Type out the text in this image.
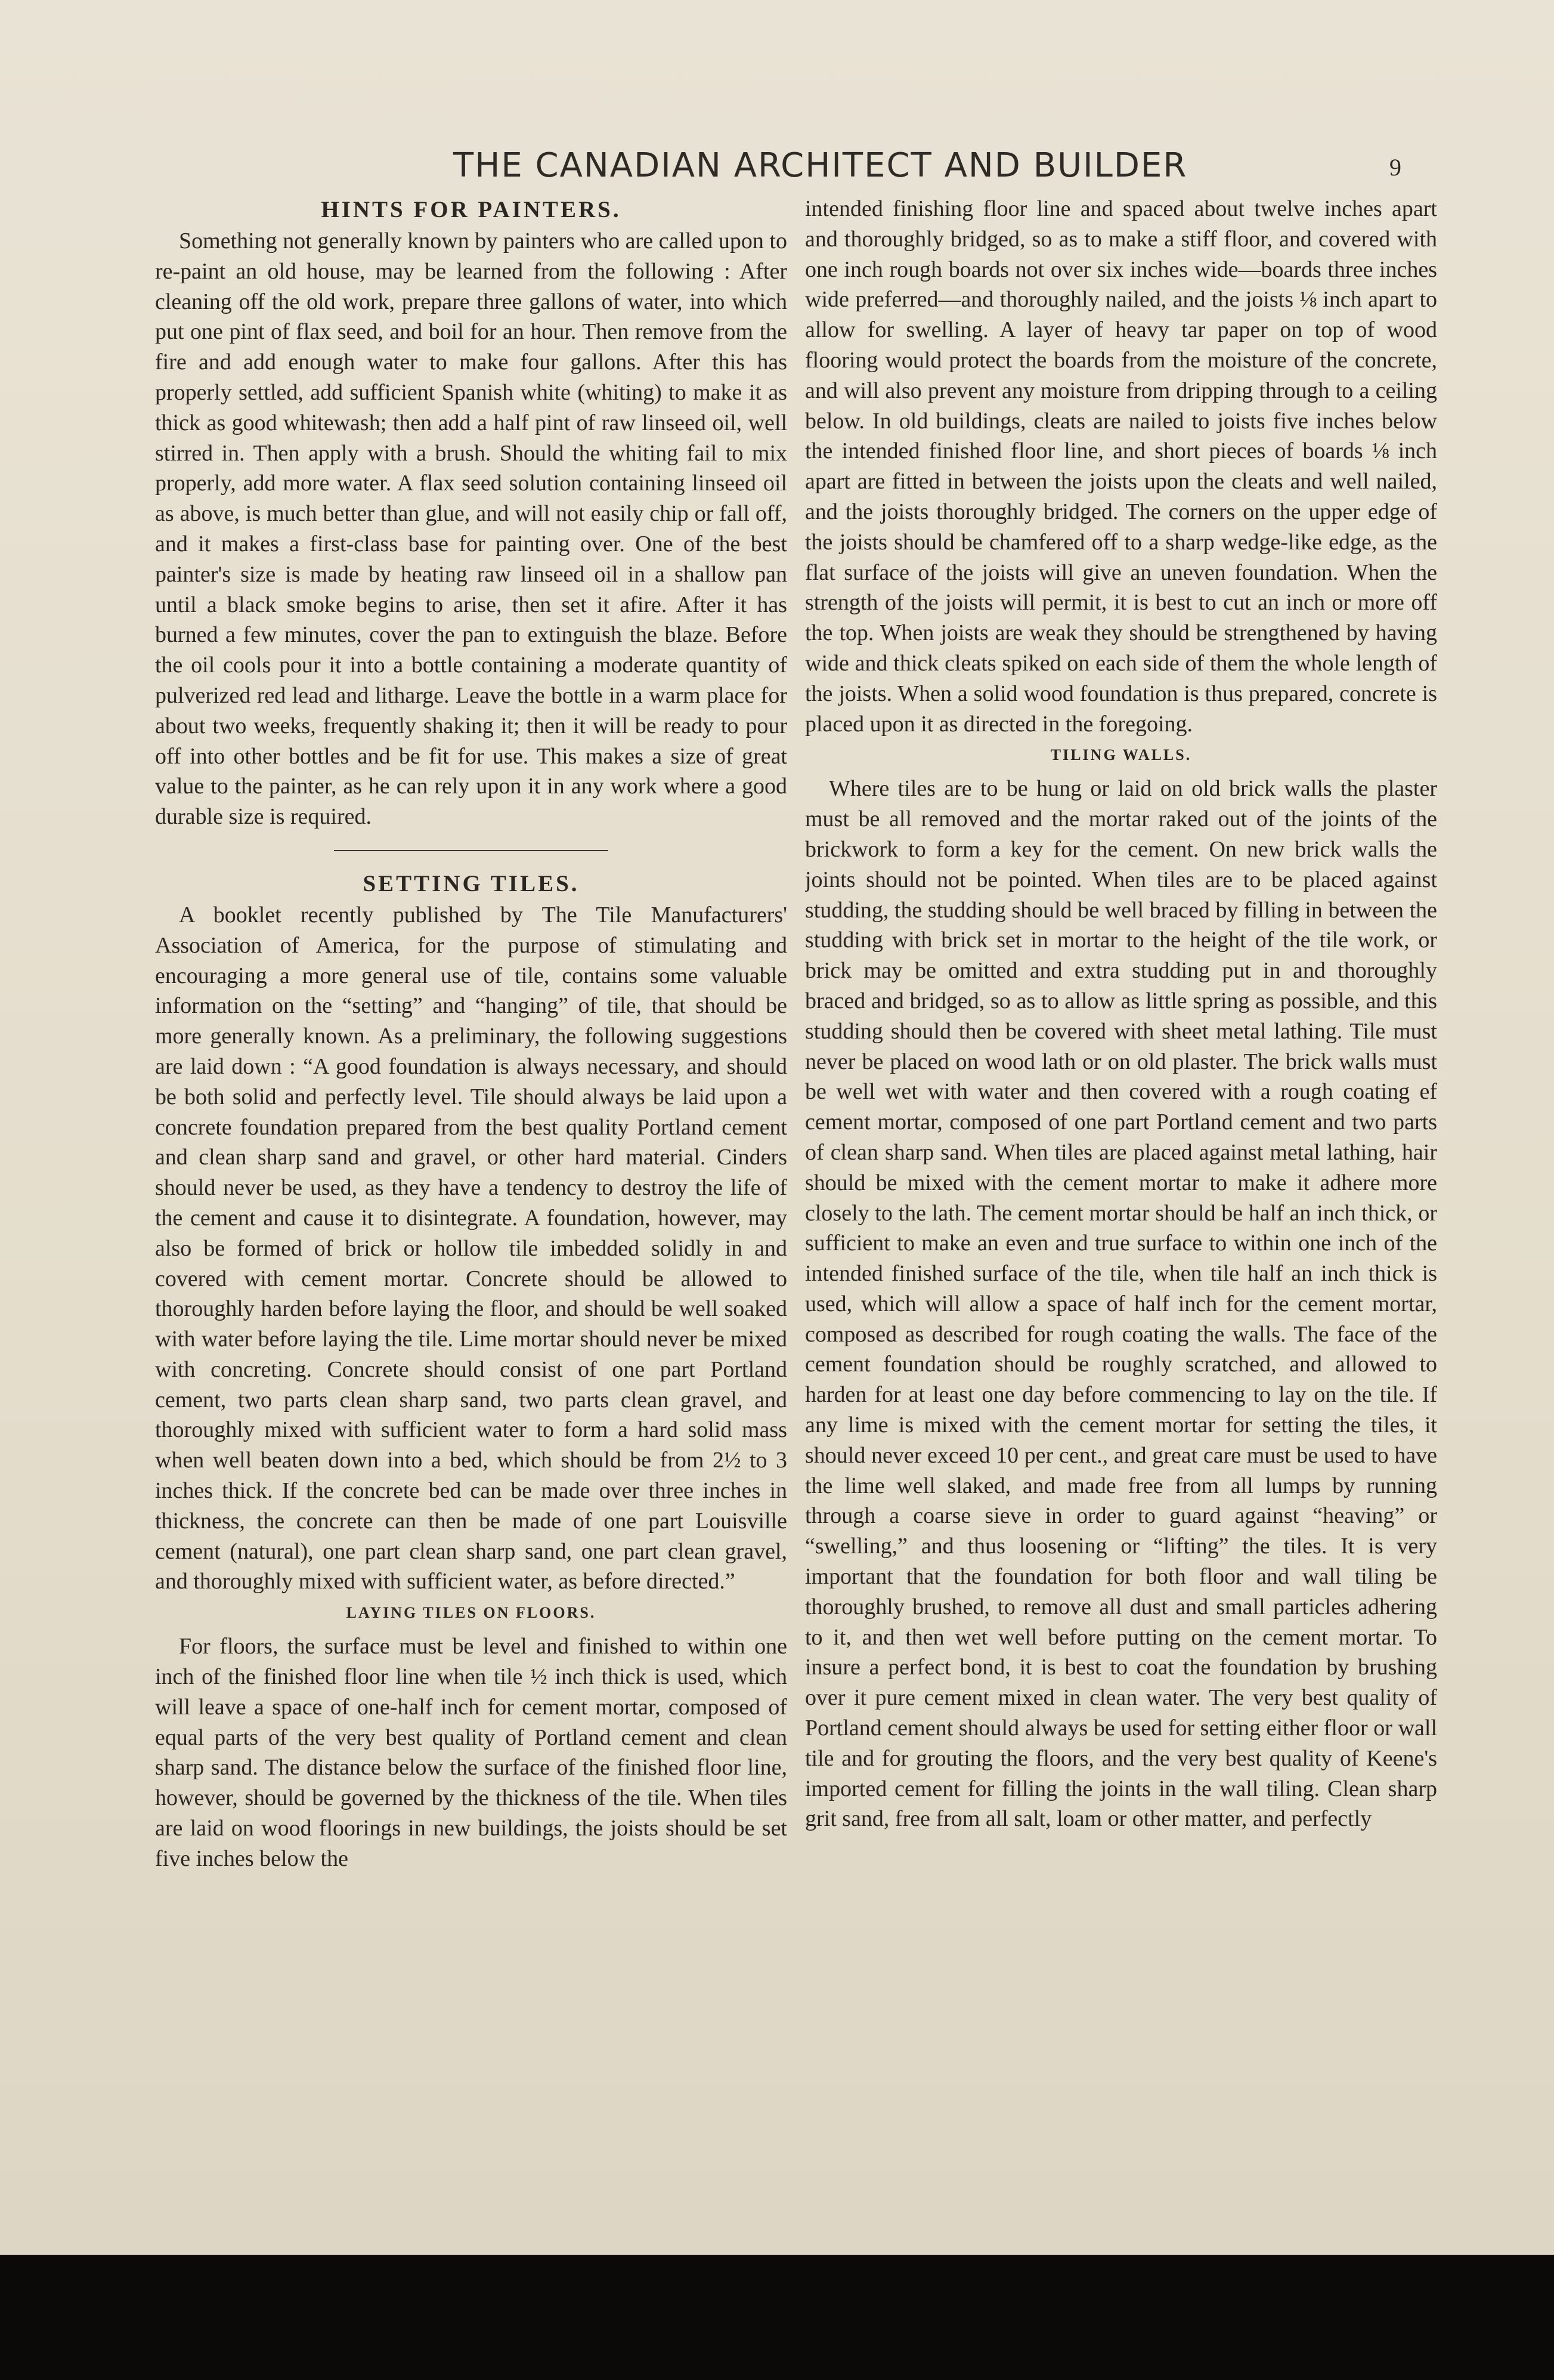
THE CANADIAN ARCHITECT AND BUILDER	9
HINTS FOR PAINTERS.

Something not generally known by painters who are called upon to re-paint an old house, may be learned from the following : After cleaning off the old work, prepare three gallons of water, into which put one pint of flax seed, and boil for an hour. Then remove from the fire and add enough water to make four gallons. After this has properly settled, add sufficient Spanish white (whiting) to make it as thick as good whitewash; then add a half pint of raw linseed oil, well stirred in. Then apply with a brush. Should the whiting fail to mix properly, add more water. A flax seed solution containing linseed oil as above, is much better than glue, and will not easily chip or fall off, and it makes a first-class base for painting over. One of the best painter's size is made by heating raw linseed oil in a shallow pan until a black smoke begins to arise, then set it afire. After it has burned a few minutes, cover the pan to extinguish the blaze. Before the oil cools pour it into a bottle containing a moderate quantity of pulverized red lead and litharge. Leave the bottle in a warm place for about two weeks, frequently shaking it; then it will be ready to pour off into other bottles and be fit for use. This makes a size of great value to the painter, as he can rely upon it in any work where a good durable size is required.

SETTING TILES.

A booklet recently published by The Tile Manufacturers' Association of America, for the purpose of stimulating and encouraging a more general use of tile, contains some valuable information on the “setting” and “hanging” of tile, that should be more generally known. As a preliminary, the following suggestions are laid down : “A good foundation is always necessary, and should be both solid and perfectly level. Tile should always be laid upon a concrete foundation prepared from the best quality Portland cement and clean sharp sand and gravel, or other hard material. Cinders should never be used, as they have a tendency to destroy the life of the cement and cause it to disintegrate. A foundation, however, may also be formed of brick or hollow tile imbedded solidly in and covered with cement mortar. Concrete should be allowed to thoroughly harden before laying the floor, and should be well soaked with water before laying the tile. Lime mortar should never be mixed with concreting. Concrete should consist of one part Portland cement, two parts clean sharp sand, two parts clean gravel, and thoroughly mixed with sufficient water to form a hard solid mass when well beaten down into a bed, which should be from 2½ to 3 inches thick. If the concrete bed can be made over three inches in thickness, the concrete can then be made of one part Louisville cement (natural), one part clean sharp sand, one part clean gravel, and thoroughly mixed with sufficient water, as before directed.”

LAYING TILES ON FLOORS.

For floors, the surface must be level and finished to within one inch of the finished floor line when tile ½ inch thick is used, which will leave a space of one-half inch for cement mortar, composed of equal parts of the very best quality of Portland cement and clean sharp sand. The distance below the surface of the finished floor line, however, should be governed by the thickness of the tile. When tiles are laid on wood floorings in new buildings, the joists should be set five inches below the

intended finishing floor line and spaced about twelve inches apart and thoroughly bridged, so as to make a stiff floor, and covered with one inch rough boards not over six inches wide—boards three inches wide preferred—and thoroughly nailed, and the joists ⅛ inch apart to allow for swelling. A layer of heavy tar paper on top of wood flooring would protect the boards from the moisture of the concrete, and will also prevent any moisture from dripping through to a ceiling below. In old buildings, cleats are nailed to joists five inches below the intended finished floor line, and short pieces of boards ⅛ inch apart are fitted in between the joists upon the cleats and well nailed, and the joists thoroughly bridged. The corners on the upper edge of the joists should be chamfered off to a sharp wedge-like edge, as the flat surface of the joists will give an uneven foundation. When the strength of the joists will permit, it is best to cut an inch or more off the top. When joists are weak they should be strengthened by having wide and thick cleats spiked on each side of them the whole length of the joists. When a solid wood foundation is thus prepared, concrete is placed upon it as directed in the foregoing.

TILING WALLS.

Where tiles are to be hung or laid on old brick walls the plaster must be all removed and the mortar raked out of the joints of the brickwork to form a key for the cement. On new brick walls the joints should not be pointed. When tiles are to be placed against studding, the studding should be well braced by filling in between the studding with brick set in mortar to the height of the tile work, or brick may be omitted and extra studding put in and thoroughly braced and bridged, so as to allow as little spring as possible, and this studding should then be covered with sheet metal lathing. Tile must never be placed on wood lath or on old plaster. The brick walls must be well wet with water and then covered with a rough coating ef cement mortar, composed of one part Portland cement and two parts of clean sharp sand. When tiles are placed against metal lathing, hair should be mixed with the cement mortar to make it adhere more closely to the lath. The cement mortar should be half an inch thick, or sufficient to make an even and true surface to within one inch of the intended finished surface of the tile, when tile half an inch thick is used, which will allow a space of half inch for the cement mortar, composed as described for rough coating the walls. The face of the cement foundation should be roughly scratched, and allowed to harden for at least one day before commencing to lay on the tile. If any lime is mixed with the cement mortar for setting the tiles, it should never exceed 10 per cent., and great care must be used to have the lime well slaked, and made free from all lumps by running through a coarse sieve in order to guard against “heaving” or “swelling,” and thus loosening or “lifting” the tiles. It is very important that the foundation for both floor and wall tiling be thoroughly brushed, to remove all dust and small particles adhering to it, and then wet well before putting on the cement mortar. To insure a perfect bond, it is best to coat the foundation by brushing over it pure cement mixed in clean water. The very best quality of Portland cement should always be used for setting either floor or wall tile and for grouting the floors, and the very best quality of Keene's imported cement for filling the joints in the wall tiling. Clean sharp grit sand, free from all salt, loam or other matter, and perfectly
